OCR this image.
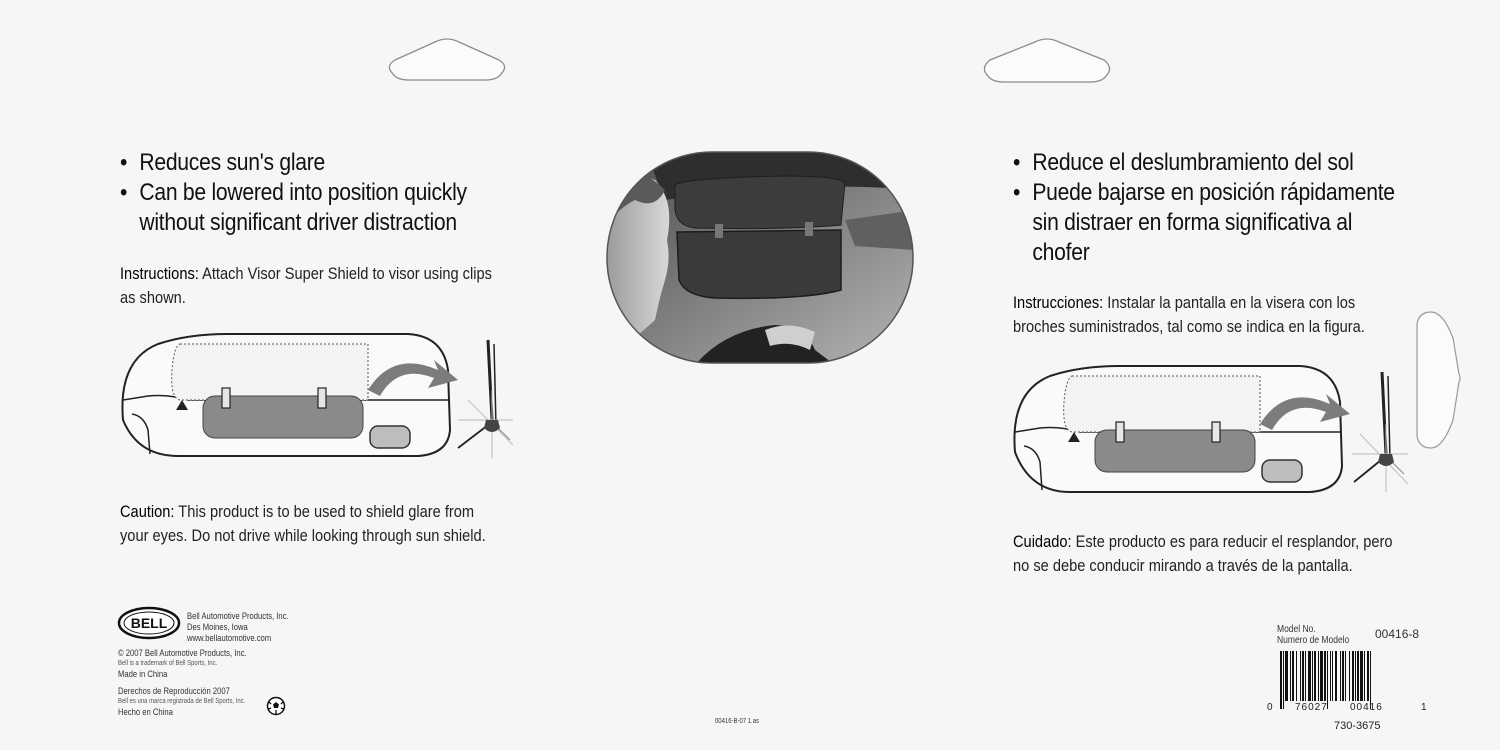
• Reduces sun's glare
• Can be lowered into position quickly
without significant driver distraction
Instructions: Attach Visor Super Shield to visor using clips
as shown.
Caution: This product is to be used to shield glare from
your eyes. Do not drive while looking through sun shield.
• Reduce el deslumbramiento del sol
• Puede bajarse en posición rápidamente
sin distraer en forma significativa al
chofer
Instrucciones: Instalar la pantalla en la visera con los
broches suministrados, tal como se indica en la figura.
Cuidado: Este producto es para reducir el resplandor, pero
no se debe conducir mirando a través de la pantalla.
BELL Bell Automotive Products, Inc.
Des Moines, Iowa
www.bellautomotive.com
© 2007 Bell Automotive Products, Inc.
Bell is a trademark of Bell Sports, Inc.
Made in China
Derechos de Reproducción 2007
Bell es una marca registrada de Bell Sports, Inc.
Hecho en China
00416-B-07 1.as
Model No.
Numero de Modelo 00416-8
0 76027 00416	1
730-3675
